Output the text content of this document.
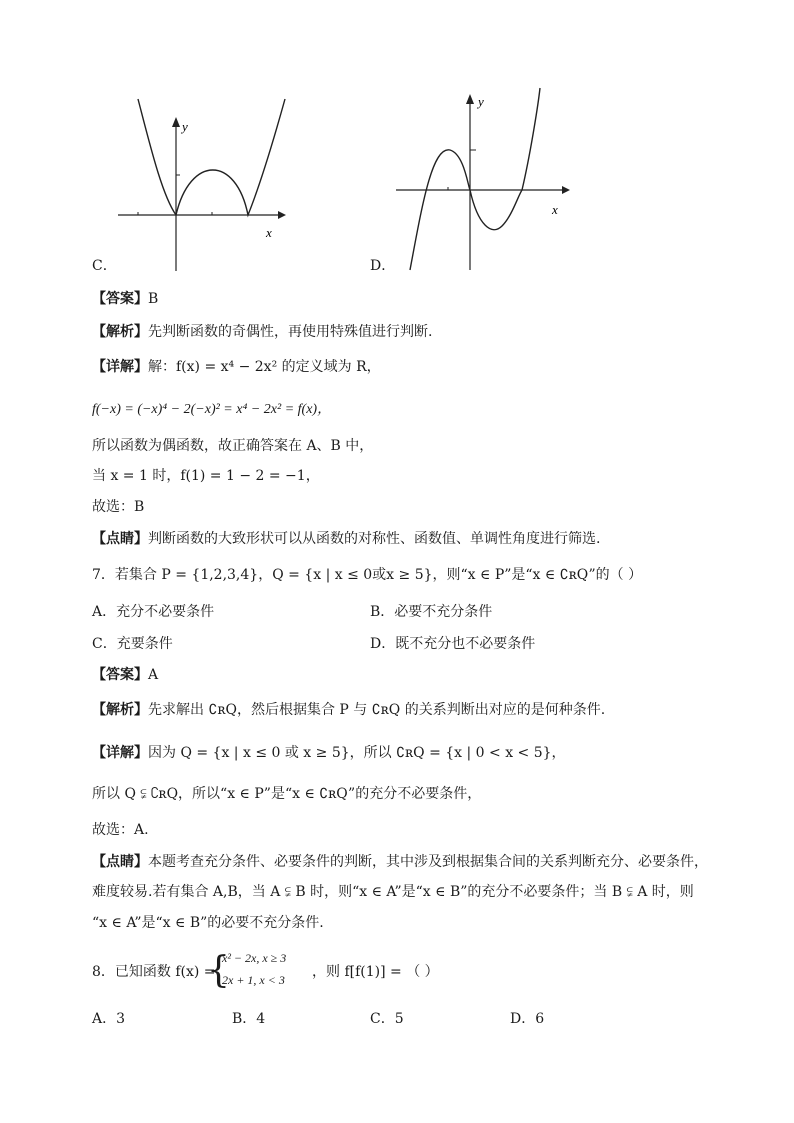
x
y
C．
x
y
D．
【答案】B
【解析】先判断函数的奇偶性，再使用特殊值进行判断.
【详解】解：f(x) = x⁴ − 2x² 的定义域为 R，
f(−x) = (−x)⁴ − 2(−x)² = x⁴ − 2x² = f(x)，
所以函数为偶函数，故正确答案在 A、B 中，
当 x = 1 时，f(1) = 1 − 2 = −1，
故选：B
【点睛】判断函数的大致形状可以从函数的对称性、函数值、单调性角度进行筛选.
7．若集合 P = {1,2,3,4}，Q = {x | x ≤ 0或x ≥ 5}，则“x ∈ P”是“x ∈ ∁ʀQ”的（ ）
A．充分不必要条件	B．必要不充分条件
C．充要条件	D．既不充分也不必要条件
【答案】A
【解析】先求解出 ∁ʀQ，然后根据集合 P 与 ∁ʀQ 的关系判断出对应的是何种条件.
【详解】因为 Q = {x | x ≤ 0 或 x ≥ 5}，所以 ∁ʀQ = {x | 0 < x < 5}，
所以 Q ⫋ ∁ʀQ，所以“x ∈ P”是“x ∈ ∁ʀQ”的充分不必要条件，
故选：A.
【点睛】本题考查充分条件、必要条件的判断，其中涉及到根据集合间的关系判断充分、必要条件，
难度较易.若有集合 A,B，当 A ⫋ B 时，则“x ∈ A”是“x ∈ B”的充分不必要条件；当 B ⫋ A 时，则
“x ∈ A”是“x ∈ B”的必要不充分条件.
8．已知函数 f(x) =
{
x² − 2x, x ≥ 3
2x + 1, x < 3 ，则 f[f(1)] = （ ）
A．3	B．4	C．5	D．6
